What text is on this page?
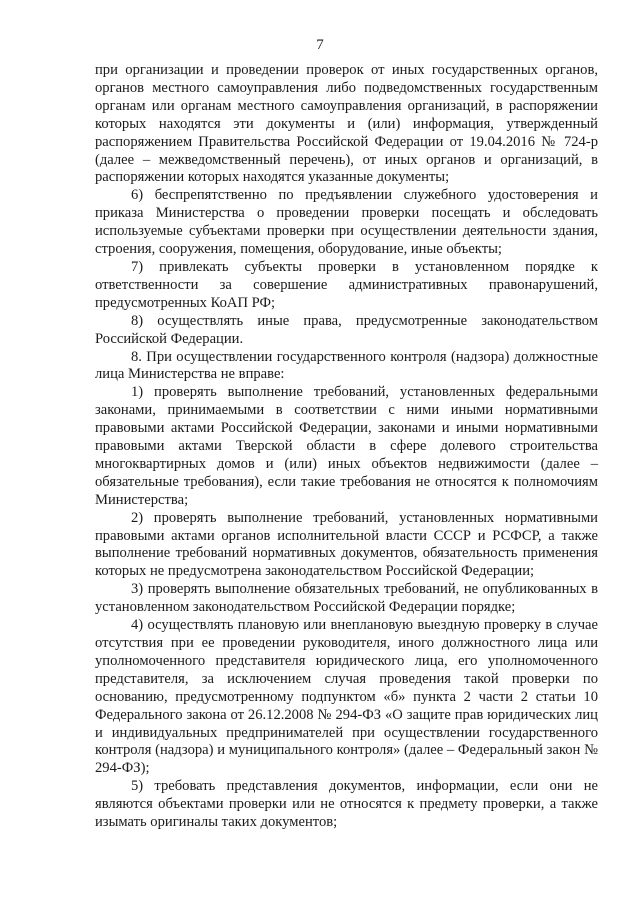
7

при организации и проведении проверок от иных государственных органов, органов местного самоуправления либо подведомственных государственным органам или органам местного самоуправления организаций, в распоряжении которых находятся эти документы и (или) информация, утвержденный распоряжением Правительства Российской Федерации от 19.04.2016 № 724-р (далее – межведомственный перечень), от иных органов и организаций, в распоряжении которых находятся указанные документы;

6) беспрепятственно по предъявлении служебного удостоверения и приказа Министерства о проведении проверки посещать и обследовать используемые субъектами проверки при осуществлении деятельности здания, строения, сооружения, помещения, оборудование, иные объекты;

7) привлекать субъекты проверки в установленном порядке к ответственности за совершение административных правонарушений, предусмотренных КоАП РФ;

8) осуществлять иные права, предусмотренные законодательством Российской Федерации.

8. При осуществлении государственного контроля (надзора) должностные лица Министерства не вправе:

1) проверять выполнение требований, установленных федеральными законами, принимаемыми в соответствии с ними иными нормативными правовыми актами Российской Федерации, законами и иными нормативными правовыми актами Тверской области в сфере долевого строительства многоквартирных домов и (или) иных объектов недвижимости (далее – обязательные требования), если такие требования не относятся к полномочиям Министерства;

2) проверять выполнение требований, установленных нормативными правовыми актами органов исполнительной власти СССР и РСФСР, а также выполнение требований нормативных документов, обязательность применения которых не предусмотрена законодательством Российской Федерации;

3) проверять выполнение обязательных требований, не опубликованных в установленном законодательством Российской Федерации порядке;

4) осуществлять плановую или внеплановую выездную проверку в случае отсутствия при ее проведении руководителя, иного должностного лица или уполномоченного представителя юридического лица, его уполномоченного представителя, за исключением случая проведения такой проверки по основанию, предусмотренному подпунктом «б» пункта 2 части 2 статьи 10 Федерального закона от 26.12.2008 № 294-ФЗ «О защите прав юридических лиц и индивидуальных предпринимателей при осуществлении государственного контроля (надзора) и муниципального контроля» (далее – Федеральный закон № 294-ФЗ);

5) требовать представления документов, информации, если они не являются объектами проверки или не относятся к предмету проверки, а также изымать оригиналы таких документов;
